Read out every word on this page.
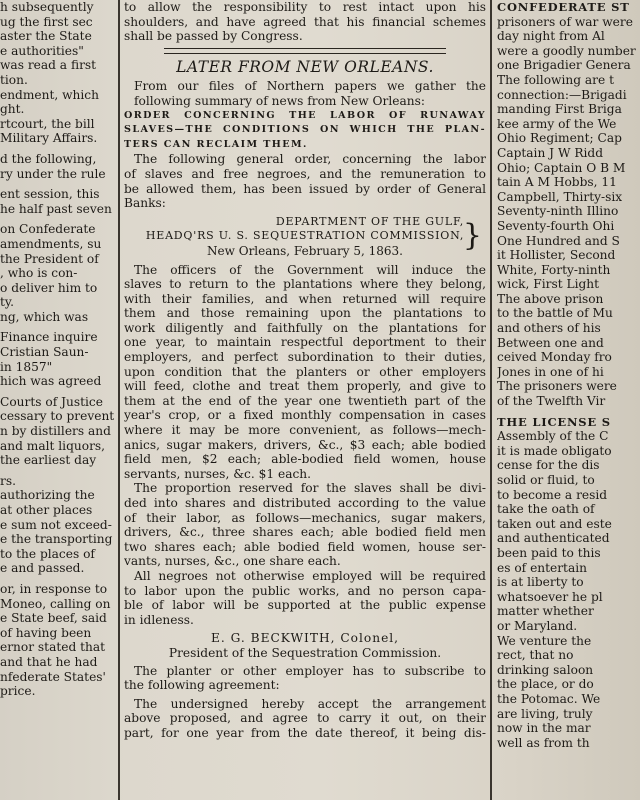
h subsequently
ug the first sec
aster the State
e authorities"
was read a first
tion.
endment, which
ght.
rtcourt, the bill
Military Affairs.
d the following,
ry under the rule
ent session, this
he half past seven
on Confederate
amendments, su
the President of
, who is con-
o deliver him to
ty.
ng, which was
Finance inquire
Cristian Saun-
in 1857"
hich was agreed
Courts of Justice
cessary to prevent
n by distillers and
and malt liquors,
the earliest day
rs.
authorizing the
at other places
e sum not exceed-
e the transporting
to the places of
e and passed.
or, in response to
Moneo, calling on
e State beef, said
of having been
ernor stated that
and that he had
nfederate States'
price.
to allow the responsibility to rest intact upon his
shoulders, and have agreed that his financial schemes
shall be passed by Congress.
LATER FROM NEW ORLEANS.
From our files of Northern papers we gather the
following summary of news from New Orleans:
ORDER CONCERNING THE LABOR OF RUNAWAY
SLAVES—THE CONDITIONS ON WHICH THE PLAN-
TERS CAN RECLAIM THEM.
The following general order, concerning the labor
of slaves and free negroes, and the remuneration to
be allowed them, has been issued by order of General
Banks:
DEPARTMENT OF THE GULF,
HEADQ'RS U. S. SEQUESTRATION COMMISSION,
New Orleans, February 5, 1863.	}
The officers of the Government will induce the
slaves to return to the plantations where they belong,
with their families, and when returned will require
them and those remaining upon the plantations to
work diligently and faithfully on the plantations for
one year, to maintain respectful deportment to their
employers, and perfect subordination to their duties,
upon condition that the planters or other employers
will feed, clothe and treat them properly, and give to
them at the end of the year one twentieth part of the
year's crop, or a fixed monthly compensation in cases
where it may be more convenient, as follows—mech-
anics, sugar makers, drivers, &c., $3 each; able bodied
field men, $2 each; able-bodied field women, house
servants, nurses, &c. $1 each.
The proportion reserved for the slaves shall be divi-
ded into shares and distributed according to the value
of their labor, as follows—mechanics, sugar makers,
drivers, &c., three shares each; able bodied field men
two shares each; able bodied field women, house ser-
vants, nurses, &c., one share each.
All negroes not otherwise employed will be required
to labor upon the public works, and no person capa-
ble of labor will be supported at the public expense
in idleness.
E. G. BECKWITH, Colonel,
President of the Sequestration Commission.
The planter or other employer has to subscribe to
the following agreement:
The undersigned hereby accept the arrangement
above proposed, and agree to carry it out, on their
part, for one year from the date thereof, it being dis-
CONFEDERATE ST
prisoners of war were
day night from Al
were a goodly number
one Brigadier Genera
The following are t
connection:—Brigadi
manding First Briga
kee army of the We
Ohio Regiment; Cap
Captain J W Ridd
Ohio; Captain O B M
tain A M Hobbs, 11
Campbell, Thirty-six
Seventy-ninth Illino
Seventy-fourth Ohi
One Hundred and S
it Hollister, Second
White, Forty-ninth
wick, First Light
The above prison
to the battle of Mu
and others of his
Between one and
ceived Monday fro
Jones in one of hi
The prisoners were
of the Twelfth Vir
THE LICENSE S
Assembly of the C
it is made obligato
cense for the dis
solid or fluid, to
to become a resid
take the oath of
taken out and este
and authenticated
been paid to this
es of entertain
is at liberty to
whatsoever he pl
matter whether
or Maryland.
We venture the
rect, that no
drinking saloon
the place, or do
the Potomac. We
are living, truly
now in the mar
well as from th
